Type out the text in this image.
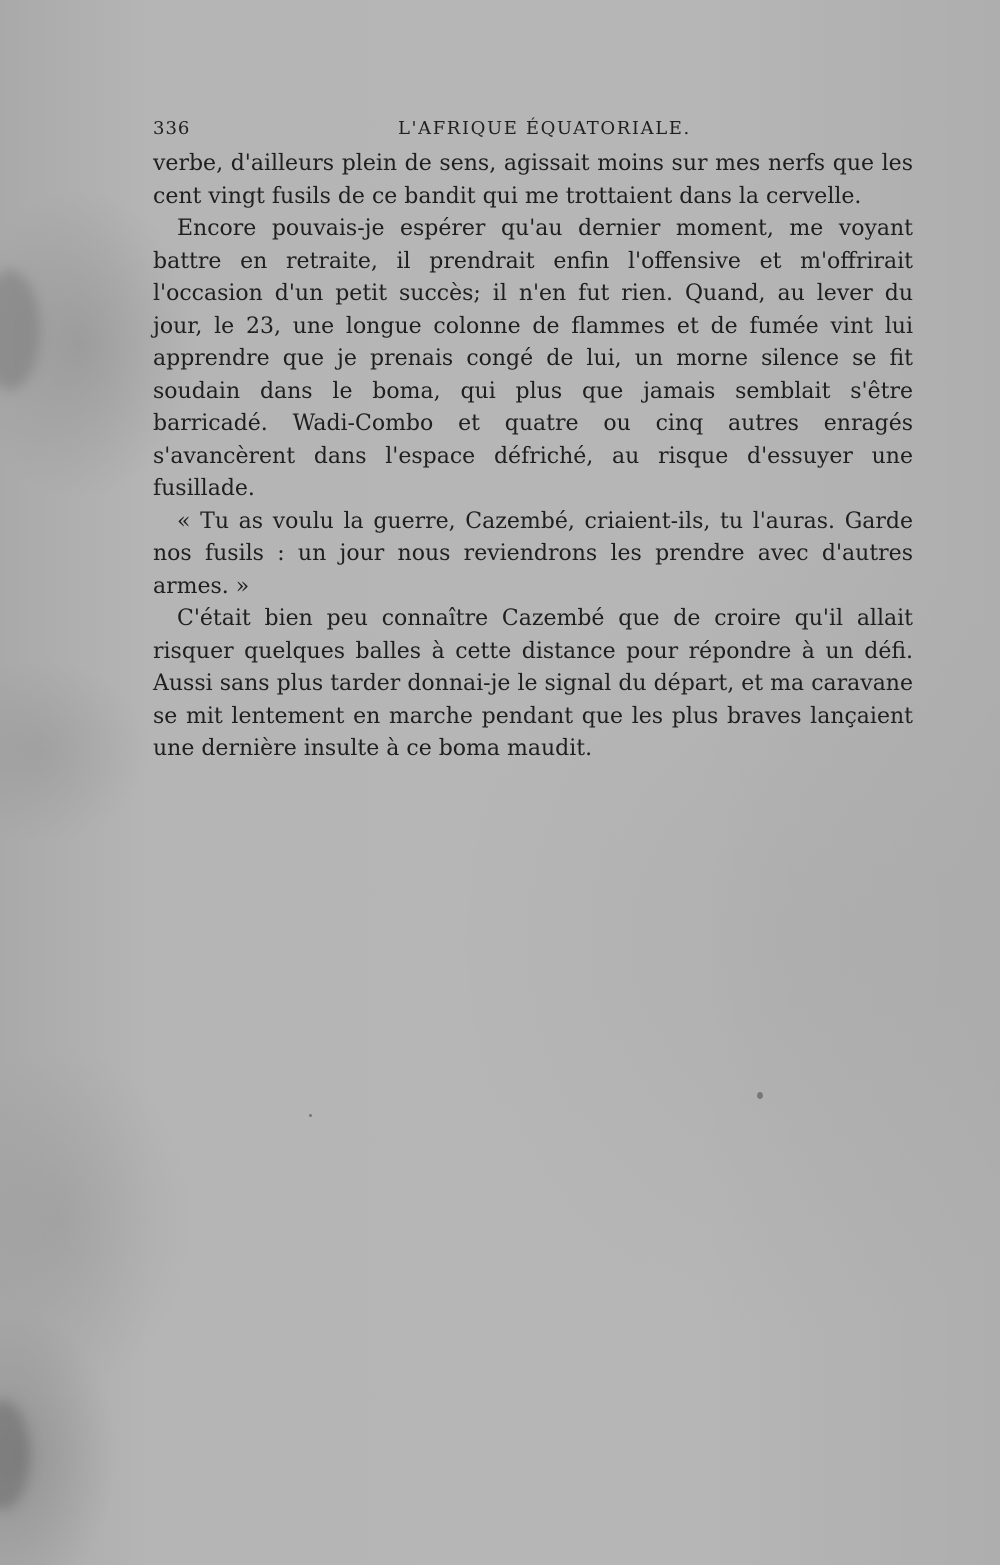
336	L'AFRIQUE ÉQUATORIALE.

verbe, d'ailleurs plein de sens, agissait moins sur mes nerfs que les cent vingt fusils de ce bandit qui me trottaient dans la cervelle.

Encore pouvais-je espérer qu'au dernier moment, me voyant battre en retraite, il prendrait enfin l'offensive et m'offrirait l'occasion d'un petit succès; il n'en fut rien. Quand, au lever du jour, le 23, une longue colonne de flammes et de fumée vint lui apprendre que je prenais congé de lui, un morne silence se fit soudain dans le boma, qui plus que jamais semblait s'être barricadé. Wadi-Combo et quatre ou cinq autres enragés s'avancèrent dans l'espace défriché, au risque d'essuyer une fusillade.

« Tu as voulu la guerre, Cazembé, criaient-ils, tu l'auras. Garde nos fusils : un jour nous reviendrons les prendre avec d'autres armes. »

C'était bien peu connaître Cazembé que de croire qu'il allait risquer quelques balles à cette distance pour répondre à un défi. Aussi sans plus tarder donnai-je le signal du départ, et ma caravane se mit lentement en marche pendant que les plus braves lançaient une dernière insulte à ce boma maudit.
